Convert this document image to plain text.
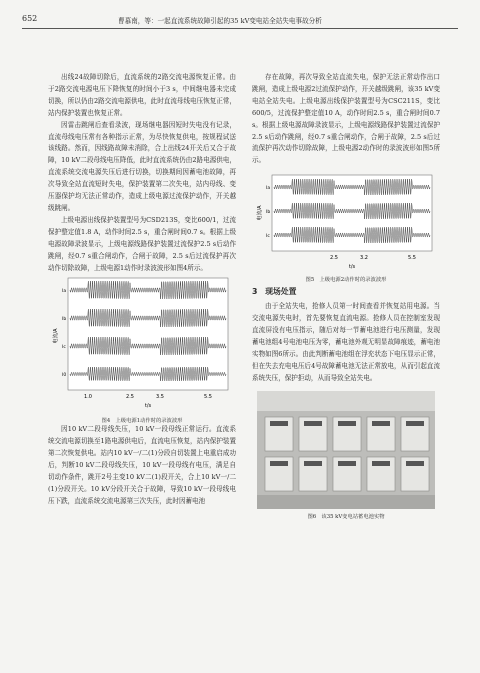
652	曹慕南，等：一起直流系统故障引起的35 kV变电站全站失电事故分析

出线24故障切除后，直流系统的2路交流电源恢复正常。由于2路交流电源电压下降恢复的时间小于3 s，中间继电器未完成切换，所以仍由2路交流电源供电，此时直流母线电压恢复正常，站内保护装置也恢复正常。

因雷击跳闸后查看录波，现场继电器因短时失电没有记录，直流母线电压常有各种指示正常，为尽快恢复供电，按规程试送该线路。然而，因线路故障未消除，合上出线24开关后又合于故障，10 kV二段母线电压降低，此时直流系统仍由2路电源供电，直流系统交流电源失压后进行切换，切换期间因蓄电池故障，再次导致全站直流短时失电，保护装置第二次失电，站内母线、变压器保护均无法正常动作，造成上级电源过流保护动作，开关越级跳闸。

上级电源出线保护装置型号为CSD213S，变比600/1，过流保护整定值1.8 A，动作时间2.5 s，重合闸时间0.7 s。根据上级电源故障录波显示，上级电源线路保护装置过流保护2.5 s后动作跳闸，经0.7 s重合闸动作，合闸于故障，2.5 s后过流保护再次动作切除故障，上级电源1动作时录波波形如图4所示。

电流/A
Ia
Ib
Ic
I0
1.0	2.5	3.5	5.5
t/s
图4　上级电源1动作时的录波波形

因10 kV二段母线失压，10 kV一段母线正常运行。直流系统交流电源切换至1路电源供电后，直流电压恢复，站内保护装置第二次恢复供电。站内10 kV一/二(1)分段自切装置上电重启成功后，判断10 kV二段母线失压，10 kV一段母线有电压，满足自切动作条件，跳开2号主变10 kV二(1)段开关，合上10 kV一/二(1)分段开关。10 kV分段开关合于故障，导致10 kV一段母线电压下跌，直流系统交流电源第三次失压，此时因蓄电池

存在故障，再次导致全站直流失电，保护无法正常动作出口跳闸，造成上级电源2过流保护动作，开关越级跳闸，该35 kV变电站全站失电。上级电源出线保护装置型号为CSC211S，变比600/5，过流保护整定值10 A，动作时间2.5 s，重合闸时间0.7 s。根据上级电源故障录波显示，上级电源线路保护装置过流保护2.5 s后动作跳闸，经0.7 s重合闸动作，合闸于故障，2.5 s后过流保护再次动作切除故障，上级电源2动作时的录波波形如图5所示。

电流/A
Ia
Ib
Ic
2.5	3.2	5.5
t/s
图5　上级电源2动作时的录波波形
3　现场处置

由于全站失电，抢修人员第一时间查看并恢复站用电源。当交流电源失电时，首先要恢复直流电源。抢修人员在控制室发现直流屏没有电压指示，随后对每一节蓄电池进行电压测量，发现蓄电池组4号电池电压为零，蓄电池外观无明显故障痕迹，蓄电池实物如图6所示。由此判断蓄电池组在浮充状态下电压显示正常，但在失去充电电压后4号故障蓄电池无法正常放电，从而引起直流系统失压，保护拒动，从而导致全站失电。

图6　该35 kV变电站蓄电池实物
